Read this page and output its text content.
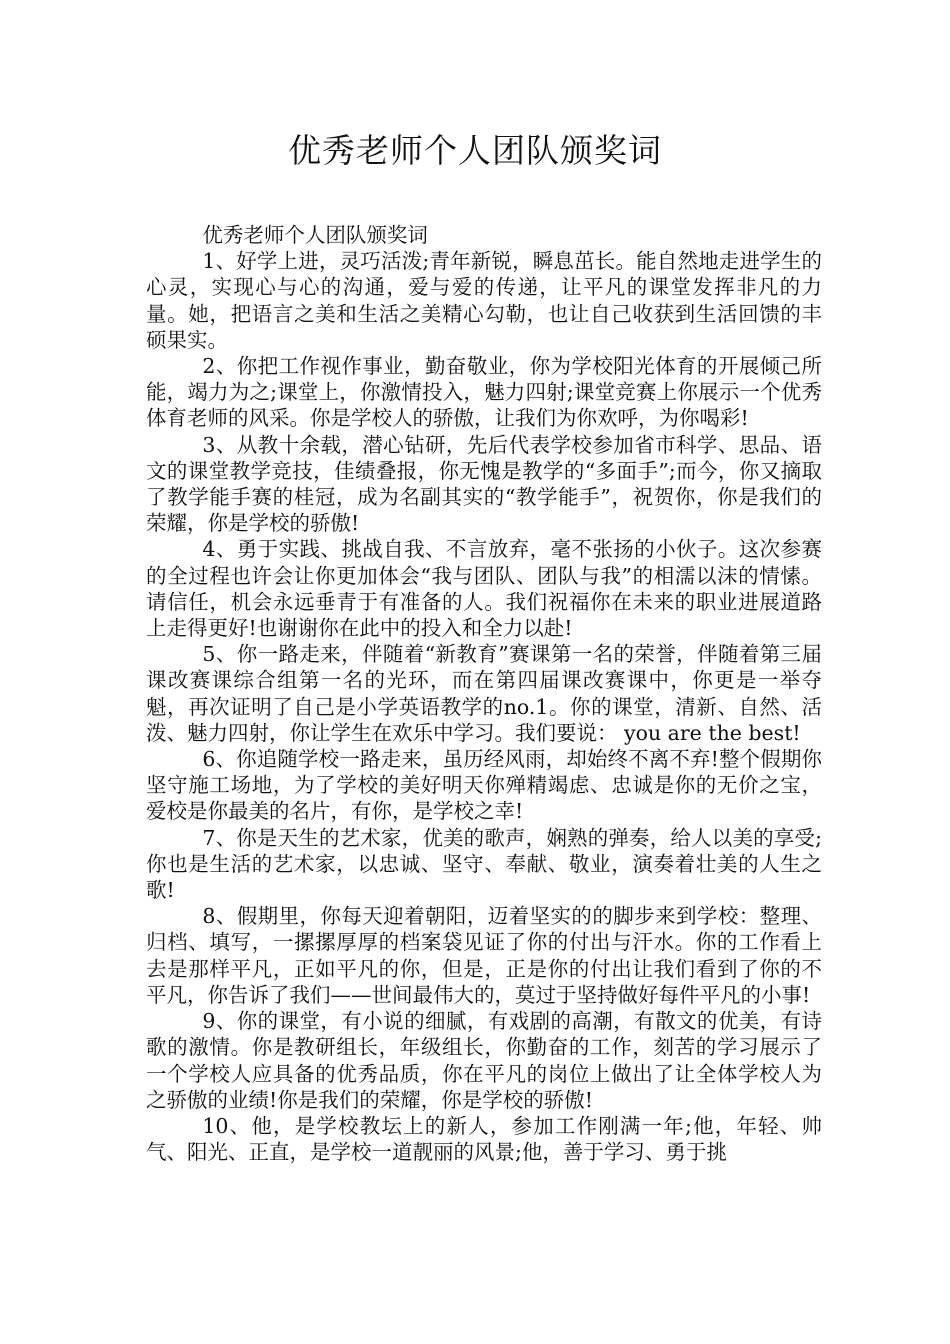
优秀老师个人团队颁奖词

优秀老师个人团队颁奖词

1、好学上进，灵巧活泼;青年新锐，瞬息茁长。能自然地走进学生的心灵，实现心与心的沟通，爱与爱的传递，让平凡的课堂发挥非凡的力量。她，把语言之美和生活之美精心勾勒，也让自己收获到生活回馈的丰硕果实。

2、你把工作视作事业，勤奋敬业，你为学校阳光体育的开展倾己所能，竭力为之;课堂上，你激情投入，魅力四射;课堂竞赛上你展示一个优秀体育老师的风采。你是学校人的骄傲，让我们为你欢呼，为你喝彩!

3、从教十余载，潜心钻研，先后代表学校参加省市科学、思品、语文的课堂教学竞技，佳绩叠报，你无愧是教学的“多面手”;而今，你又摘取了教学能手赛的桂冠，成为名副其实的“教学能手”，祝贺你，你是我们的荣耀，你是学校的骄傲!

4、勇于实践、挑战自我、不言放弃，毫不张扬的小伙子。这次参赛的全过程也许会让你更加体会“我与团队、团队与我”的相濡以沫的情愫。请信任，机会永远垂青于有准备的人。我们祝福你在未来的职业进展道路上走得更好!也谢谢你在此中的投入和全力以赴!

5、你一路走来，伴随着“新教育”赛课第一名的荣誉，伴随着第三届课改赛课综合组第一名的光环，而在第四届课改赛课中，你更是一举夺魁，再次证明了自己是小学英语教学的no.1。你的课堂，清新、自然、活泼、魅力四射，你让学生在欢乐中学习。我们要说： you are the best!

6、你追随学校一路走来，虽历经风雨，却始终不离不弃!整个假期你坚守施工场地，为了学校的美好明天你殚精竭虑、忠诚是你的无价之宝，爱校是你最美的名片，有你，是学校之幸!

7、你是天生的艺术家，优美的歌声，娴熟的弹奏，给人以美的享受;你也是生活的艺术家，以忠诚、坚守、奉献、敬业，演奏着壮美的人生之歌!

8、假期里，你每天迎着朝阳，迈着坚实的的脚步来到学校：整理、归档、填写，一摞摞厚厚的档案袋见证了你的付出与汗水。你的工作看上去是那样平凡，正如平凡的你，但是，正是你的付出让我们看到了你的不平凡，你告诉了我们——世间最伟大的，莫过于坚持做好每件平凡的小事!

9、你的课堂，有小说的细腻，有戏剧的高潮，有散文的优美，有诗歌的激情。你是教研组长，年级组长，你勤奋的工作，刻苦的学习展示了一个学校人应具备的优秀品质，你在平凡的岗位上做出了让全体学校人为之骄傲的业绩!你是我们的荣耀，你是学校的骄傲!

10、他，是学校教坛上的新人，参加工作刚满一年;他，年轻、帅气、阳光、正直，是学校一道靓丽的风景;他，善于学习、勇于挑
